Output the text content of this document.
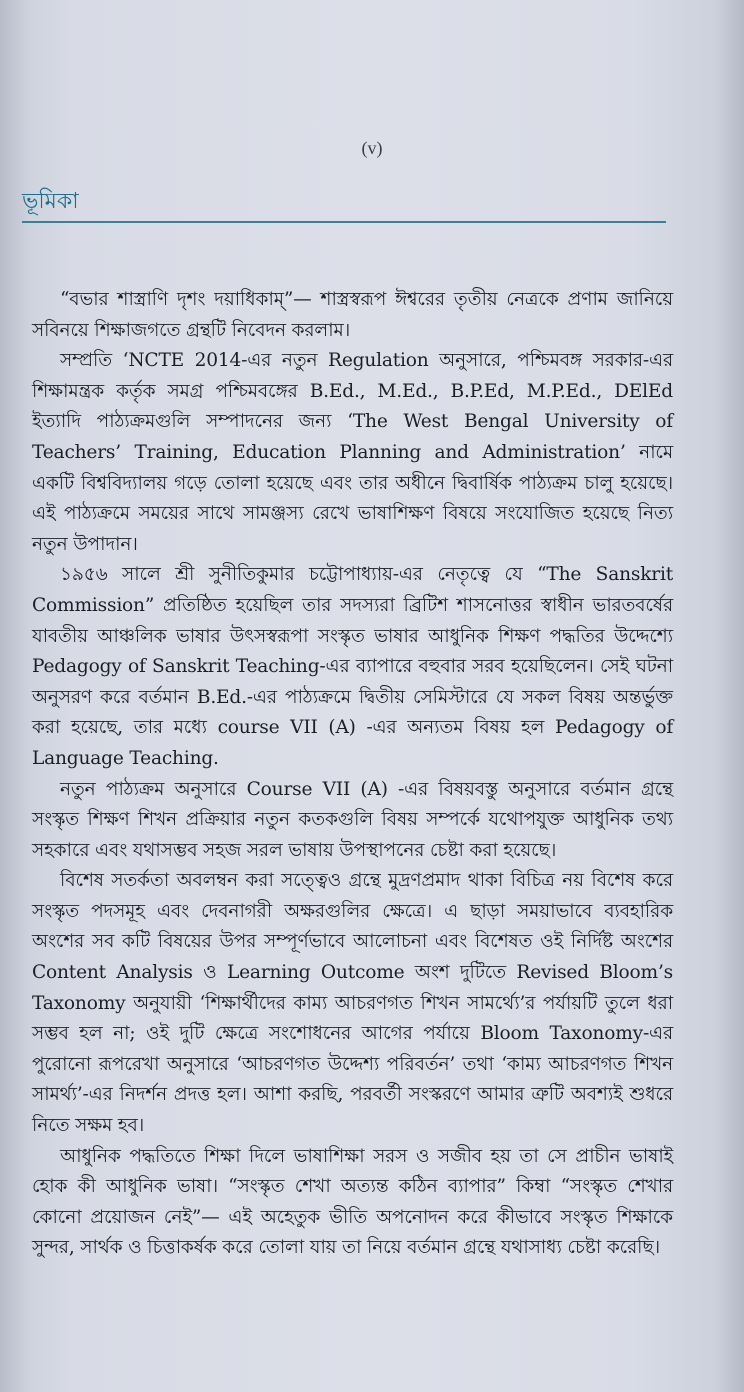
(v)
ভূমিকা

“বভার শাস্ত্রাণি দৃশং দয়াধিকাম্”— শাস্ত্রস্বরূপ ঈশ্বরের তৃতীয় নেত্রকে প্রণাম জানিয়ে সবিনয়ে শিক্ষাজগতে গ্রন্থটি নিবেদন করলাম।

সম্প্রতি ‘NCTE 2014-এর নতুন Regulation অনুসারে, পশ্চিমবঙ্গ সরকার-এর শিক্ষামন্ত্রক কর্তৃক সমগ্র পশ্চিমবঙ্গের B.Ed., M.Ed., B.P.Ed, M.P.Ed., DElEd ইত্যাদি পাঠ্যক্রমগুলি সম্পাদনের জন্য ‘The West Bengal University of Teachers’ Training, Education Planning and Administration’ নামে একটি বিশ্ববিদ্যালয় গড়ে তোলা হয়েছে এবং তার অধীনে দ্বিবার্ষিক পাঠ্যক্রম চালু হয়েছে। এই পাঠ্যক্রমে সময়ের সাথে সামঞ্জস্য রেখে ভাষাশিক্ষণ বিষয়ে সংযোজিত হয়েছে নিত্য নতুন উপাদান।

১৯৫৬ সালে শ্রী সুনীতিকুমার চট্টোপাধ্যায়-এর নেতৃত্বে যে “The Sanskrit Commission” প্রতিষ্ঠিত হয়েছিল তার সদস্যরা ব্রিটিশ শাসনোত্তর স্বাধীন ভারতবর্ষের যাবতীয় আঞ্চলিক ভাষার উৎসস্বরূপা সংস্কৃত ভাষার আধুনিক শিক্ষণ পদ্ধতির উদ্দেশ্যে Pedagogy of Sanskrit Teaching-এর ব্যাপারে বহুবার সরব হয়েছিলেন। সেই ঘটনা অনুসরণ করে বর্তমান B.Ed.-এর পাঠ্যক্রমে দ্বিতীয় সেমিস্টারে যে সকল বিষয় অন্তর্ভুক্ত করা হয়েছে, তার মধ্যে course VII (A) -এর অন্যতম বিষয় হল Pedagogy of Language Teaching.

নতুন পাঠ্যক্রম অনুসারে Course VII (A) -এর বিষয়বস্তু অনুসারে বর্তমান গ্রন্থে সংস্কৃত শিক্ষণ শিখন প্রক্রিয়ার নতুন কতকগুলি বিষয় সম্পর্কে যথোপযুক্ত আধুনিক তথ্য সহকারে এবং যথাসম্ভব সহজ সরল ভাষায় উপস্থাপনের চেষ্টা করা হয়েছে।

বিশেষ সতর্কতা অবলম্বন করা সত্ত্বেও গ্রন্থে মুদ্রণপ্রমাদ থাকা বিচিত্র নয় বিশেষ করে সংস্কৃত পদসমূহ এবং দেবনাগরী অক্ষরগুলির ক্ষেত্রে। এ ছাড়া সময়াভাবে ব্যবহারিক অংশের সব কটি বিষয়ের উপর সম্পূর্ণভাবে আলোচনা এবং বিশেষত ওই নির্দিষ্ট অংশের Content Analysis ও Learning Outcome অংশ দুটিতে Revised Bloom’s Taxonomy অনুযায়ী ‘শিক্ষার্থীদের কাম্য আচরণগত শিখন সামর্থ্যে’র পর্যায়টি তুলে ধরা সম্ভব হল না; ওই দুটি ক্ষেত্রে সংশোধনের আগের পর্যায়ে Bloom Taxonomy-এর পুরোনো রূপরেখা অনুসারে ‘আচরণগত উদ্দেশ্য পরিবর্তন’ তথা ‘কাম্য আচরণগত শিখন সামর্থ্য’-এর নিদর্শন প্রদত্ত হল। আশা করছি, পরবর্তী সংস্করণে আমার ত্রুটি অবশ্যই শুধরে নিতে সক্ষম হব।

আধুনিক পদ্ধতিতে শিক্ষা দিলে ভাষাশিক্ষা সরস ও সজীব হয় তা সে প্রাচীন ভাষাই হোক কী আধুনিক ভাষা। “সংস্কৃত শেখা অত্যন্ত কঠিন ব্যাপার” কিম্বা “সংস্কৃত শেখার কোনো প্রয়োজন নেই”— এই অহেতুক ভীতি অপনোদন করে কীভাবে সংস্কৃত শিক্ষাকে সুন্দর, সার্থক ও চিত্তাকর্ষক করে তোলা যায় তা নিয়ে বর্তমান গ্রন্থে যথাসাধ্য চেষ্টা করেছি।
